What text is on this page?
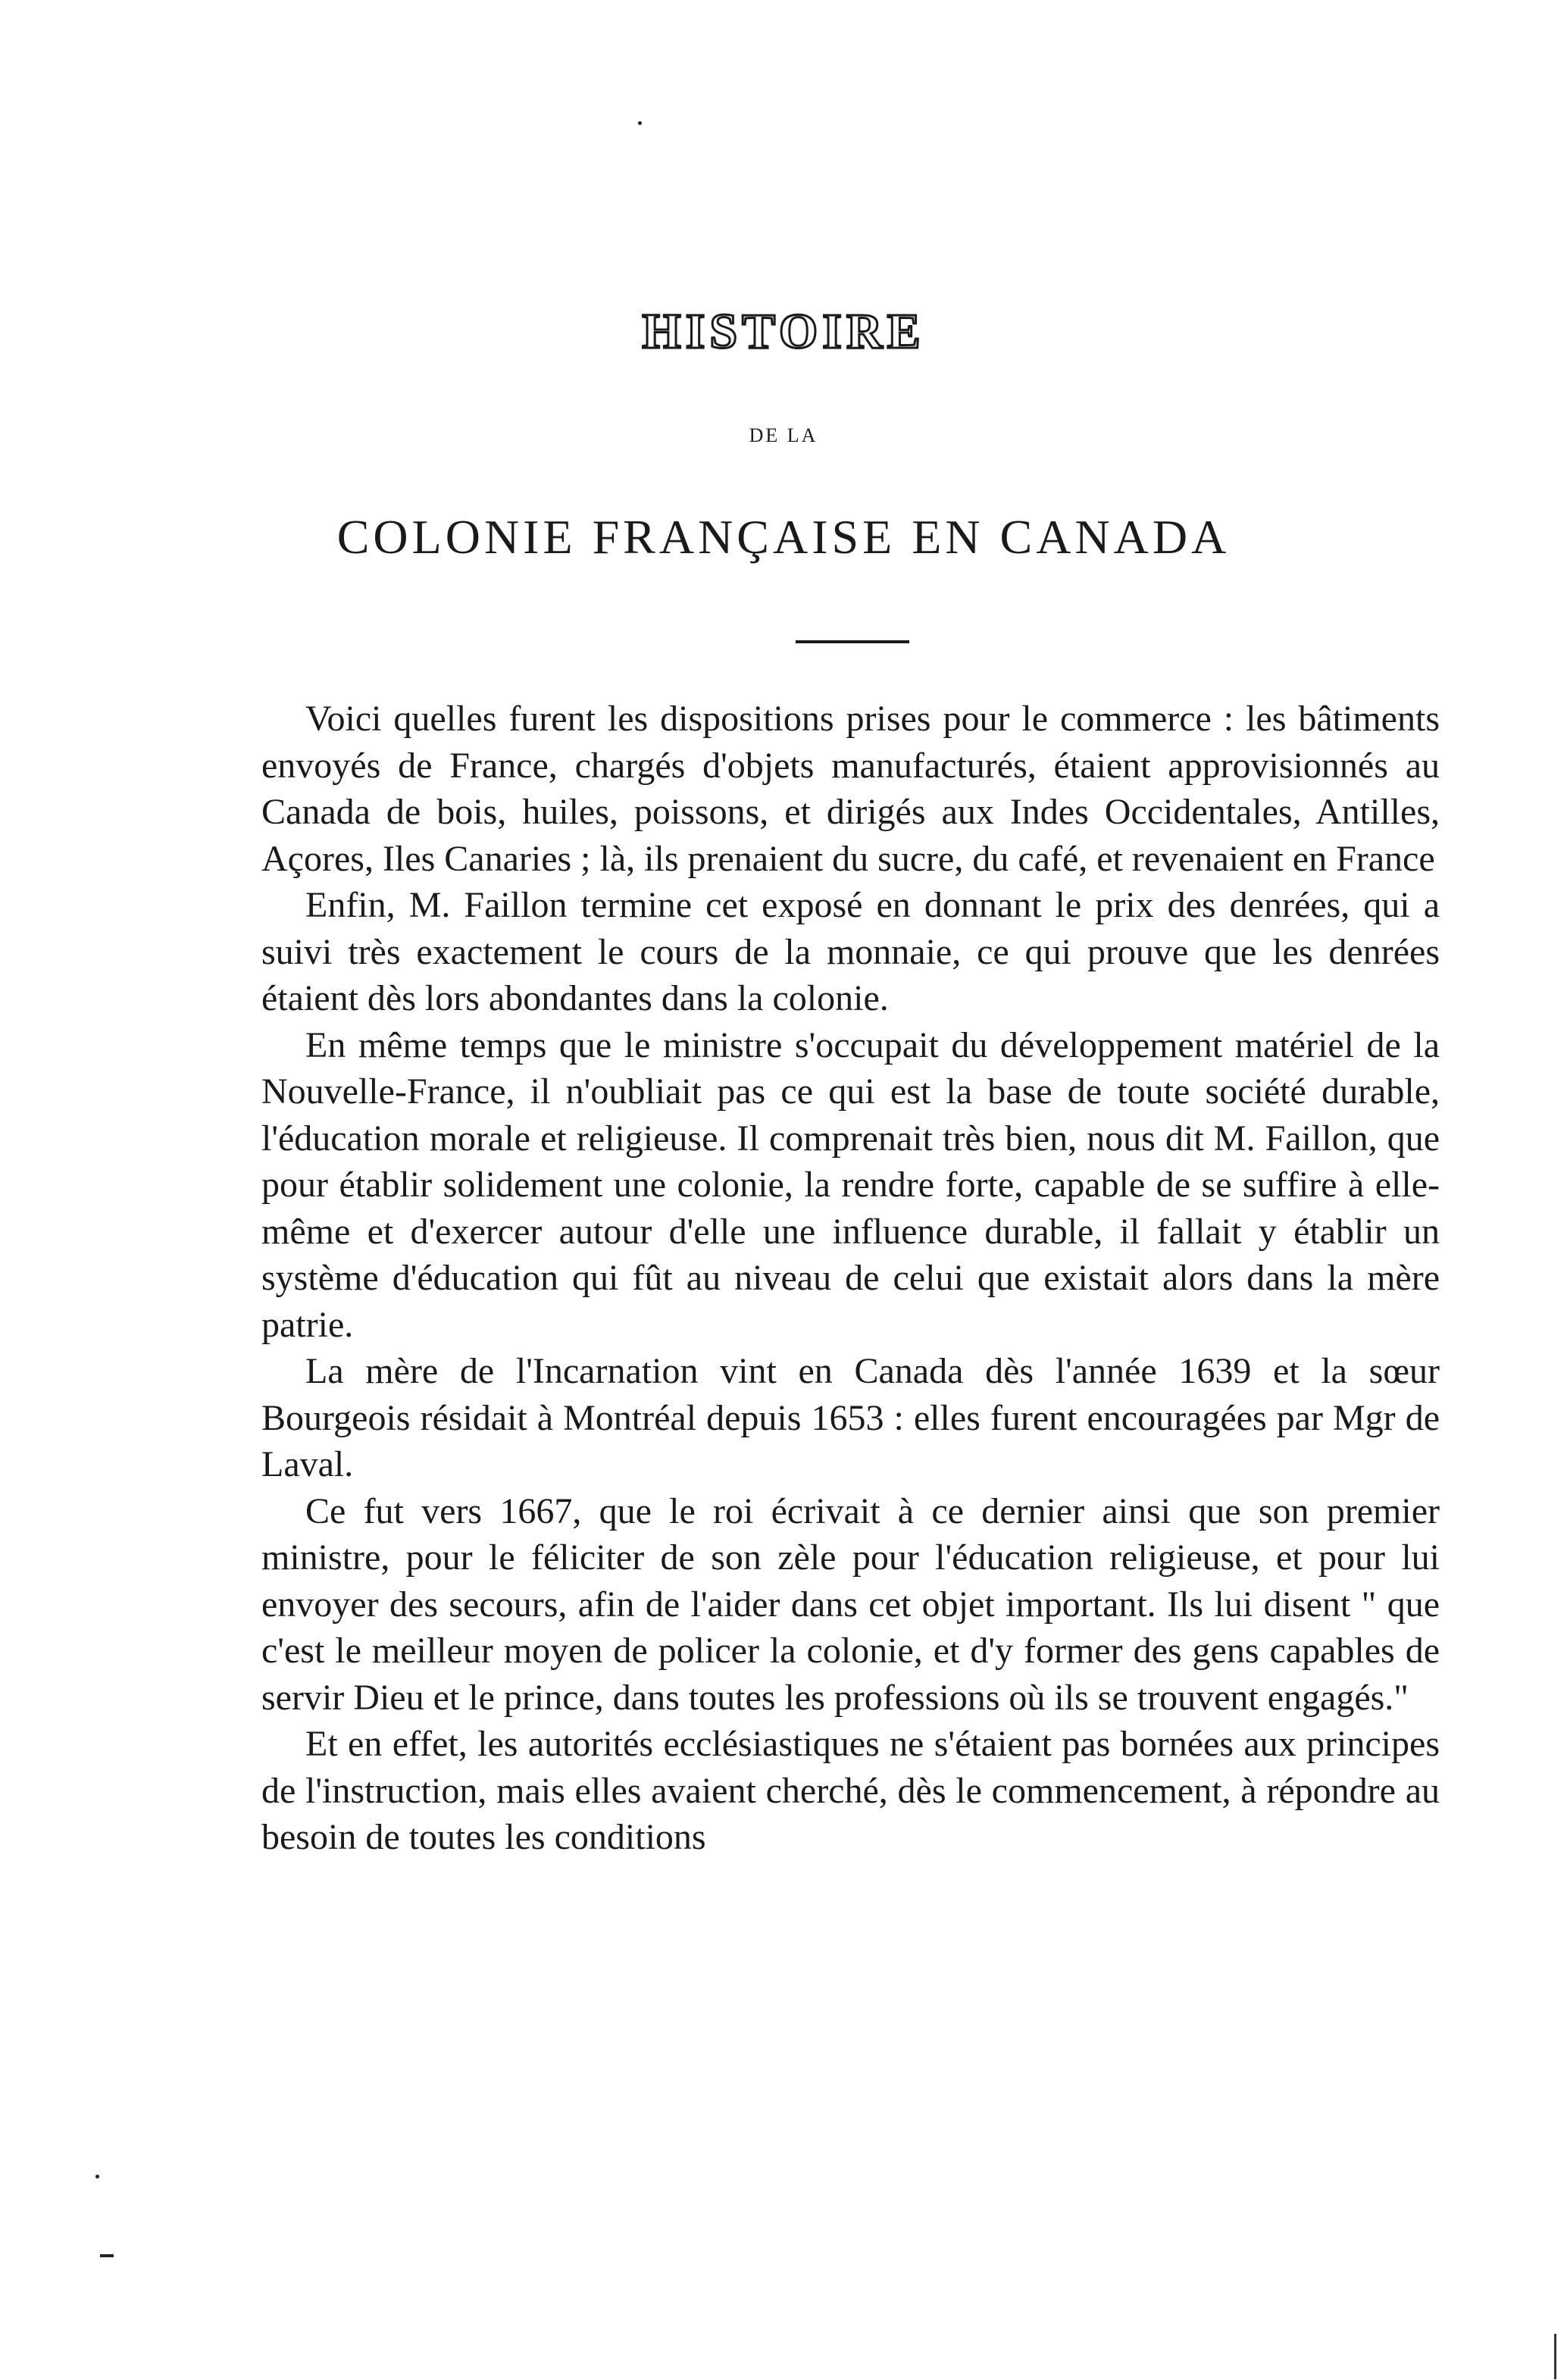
HISTOIRE
DE LA
COLONIE FRANÇAISE EN CANADA

Voici quelles furent les dispositions prises pour le commerce : les bâtiments envoyés de France, chargés d'objets manufacturés, étaient approvisionnés au Canada de bois, huiles, poissons, et dirigés aux Indes Occidentales, Antilles, Açores, Iles Canaries ; là, ils prenaient du sucre, du café, et revenaient en France

Enfin, M. Faillon termine cet exposé en donnant le prix des denrées, qui a suivi très exactement le cours de la monnaie, ce qui prouve que les denrées étaient dès lors abondantes dans la colonie.

En même temps que le ministre s'occupait du développement matériel de la Nouvelle-France, il n'oubliait pas ce qui est la base de toute société durable, l'éducation morale et religieuse. Il comprenait très bien, nous dit M. Faillon, que pour établir solidement une colonie, la rendre forte, capable de se suffire à elle-même et d'exercer autour d'elle une influence durable, il fallait y établir un système d'éducation qui fût au niveau de celui que existait alors dans la mère patrie.

La mère de l'Incarnation vint en Canada dès l'année 1639 et la sœur Bourgeois résidait à Montréal depuis 1653 : elles furent encouragées par Mgr de Laval.

Ce fut vers 1667, que le roi écrivait à ce dernier ainsi que son premier ministre, pour le féliciter de son zèle pour l'éducation religieuse, et pour lui envoyer des secours, afin de l'aider dans cet objet important. Ils lui disent " que c'est le meilleur moyen de policer la colonie, et d'y former des gens capables de servir Dieu et le prince, dans toutes les professions où ils se trouvent engagés."

Et en effet, les autorités ecclésiastiques ne s'étaient pas bornées aux principes de l'instruction, mais elles avaient cherché, dès le commencement, à répondre au besoin de toutes les conditions
